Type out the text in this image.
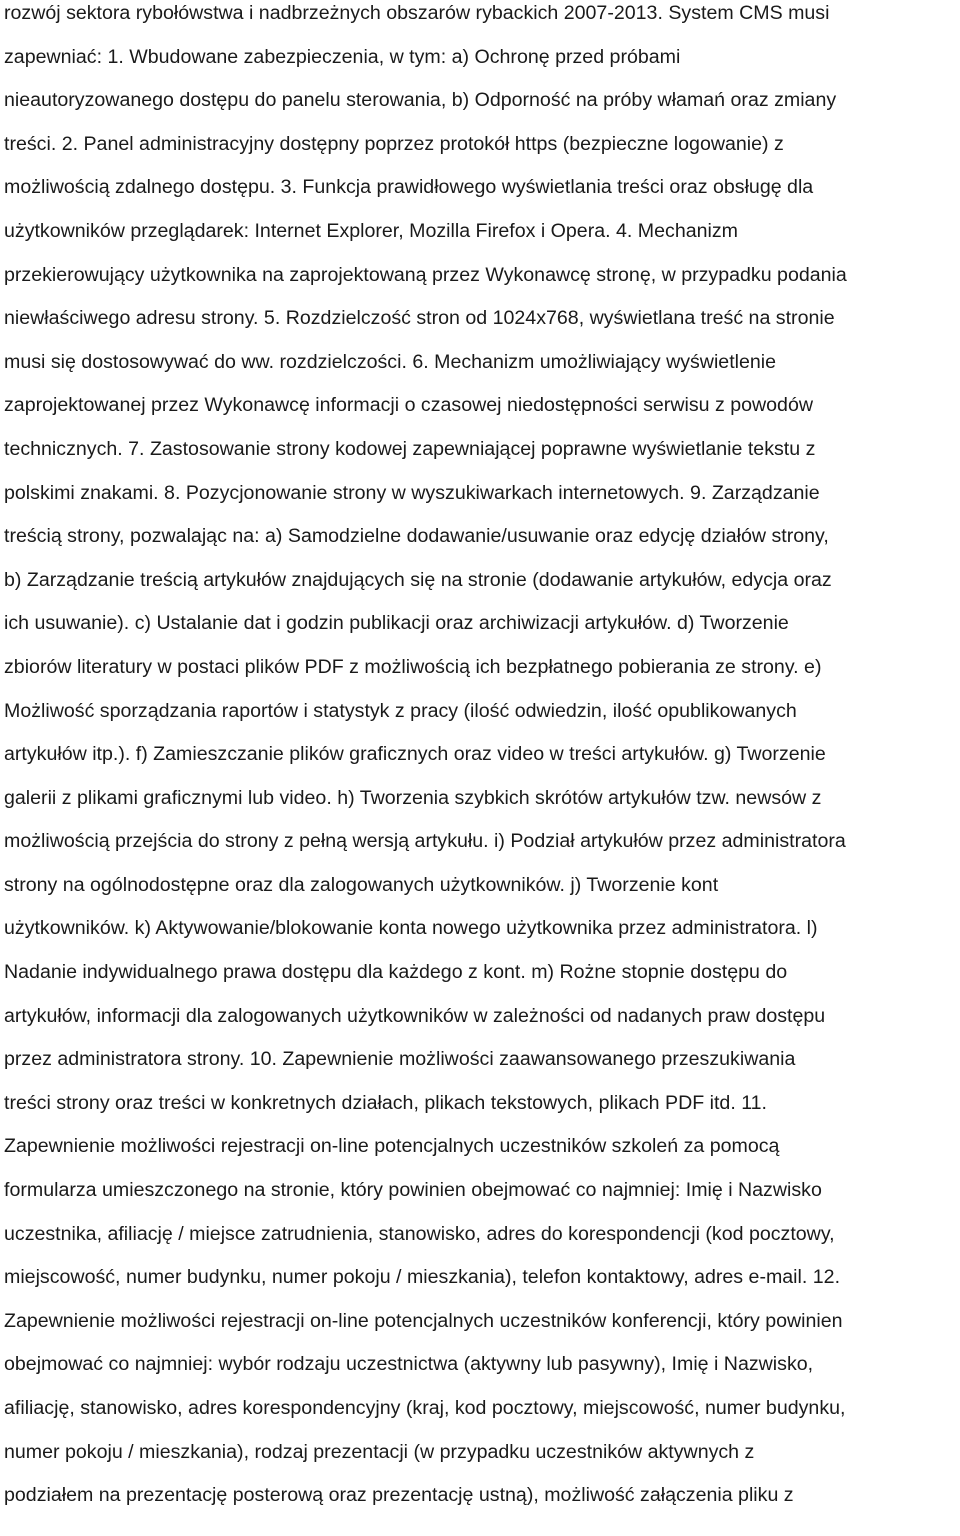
rozwój sektora rybołówstwa i nadbrzeżnych obszarów rybackich 2007-2013. System CMS musi
zapewniać: 1. Wbudowane zabezpieczenia, w tym: a) Ochronę przed próbami
nieautoryzowanego dostępu do panelu sterowania, b) Odporność na próby włamań oraz zmiany
treści. 2. Panel administracyjny dostępny poprzez protokół https (bezpieczne logowanie) z
możliwością zdalnego dostępu. 3. Funkcja prawidłowego wyświetlania treści oraz obsługę dla
użytkowników przeglądarek: Internet Explorer, Mozilla Firefox i Opera. 4. Mechanizm
przekierowujący użytkownika na zaprojektowaną przez Wykonawcę stronę, w przypadku podania
niewłaściwego adresu strony. 5. Rozdzielczość stron od 1024x768, wyświetlana treść na stronie
musi się dostosowywać do ww. rozdzielczości. 6. Mechanizm umożliwiający wyświetlenie
zaprojektowanej przez Wykonawcę informacji o czasowej niedostępności serwisu z powodów
technicznych. 7. Zastosowanie strony kodowej zapewniającej poprawne wyświetlanie tekstu z
polskimi znakami. 8. Pozycjonowanie strony w wyszukiwarkach internetowych. 9. Zarządzanie
treścią strony, pozwalając na: a) Samodzielne dodawanie/usuwanie oraz edycję działów strony,
b) Zarządzanie treścią artykułów znajdujących się na stronie (dodawanie artykułów, edycja oraz
ich usuwanie). c) Ustalanie dat i godzin publikacji oraz archiwizacji artykułów. d) Tworzenie
zbiorów literatury w postaci plików PDF z możliwością ich bezpłatnego pobierania ze strony. e)
Możliwość sporządzania raportów i statystyk z pracy (ilość odwiedzin, ilość opublikowanych
artykułów itp.). f) Zamieszczanie plików graficznych oraz video w treści artykułów. g) Tworzenie
galerii z plikami graficznymi lub video. h) Tworzenia szybkich skrótów artykułów tzw. newsów z
możliwością przejścia do strony z pełną wersją artykułu. i) Podział artykułów przez administratora
strony na ogólnodostępne oraz dla zalogowanych użytkowników. j) Tworzenie kont
użytkowników. k) Aktywowanie/blokowanie konta nowego użytkownika przez administratora. l)
Nadanie indywidualnego prawa dostępu dla każdego z kont. m) Rożne stopnie dostępu do
artykułów, informacji dla zalogowanych użytkowników w zależności od nadanych praw dostępu
przez administratora strony. 10. Zapewnienie możliwości zaawansowanego przeszukiwania
treści strony oraz treści w konkretnych działach, plikach tekstowych, plikach PDF itd. 11.
Zapewnienie możliwości rejestracji on-line potencjalnych uczestników szkoleń za pomocą
formularza umieszczonego na stronie, który powinien obejmować co najmniej: Imię i Nazwisko
uczestnika, afiliację / miejsce zatrudnienia, stanowisko, adres do korespondencji (kod pocztowy,
miejscowość, numer budynku, numer pokoju / mieszkania), telefon kontaktowy, adres e-mail. 12.
Zapewnienie możliwości rejestracji on-line potencjalnych uczestników konferencji, który powinien
obejmować co najmniej: wybór rodzaju uczestnictwa (aktywny lub pasywny), Imię i Nazwisko,
afiliację, stanowisko, adres korespondencyjny (kraj, kod pocztowy, miejscowość, numer budynku,
numer pokoju / mieszkania), rodzaj prezentacji (w przypadku uczestników aktywnych z
podziałem na prezentację posterową oraz prezentację ustną), możliwość załączenia pliku z
